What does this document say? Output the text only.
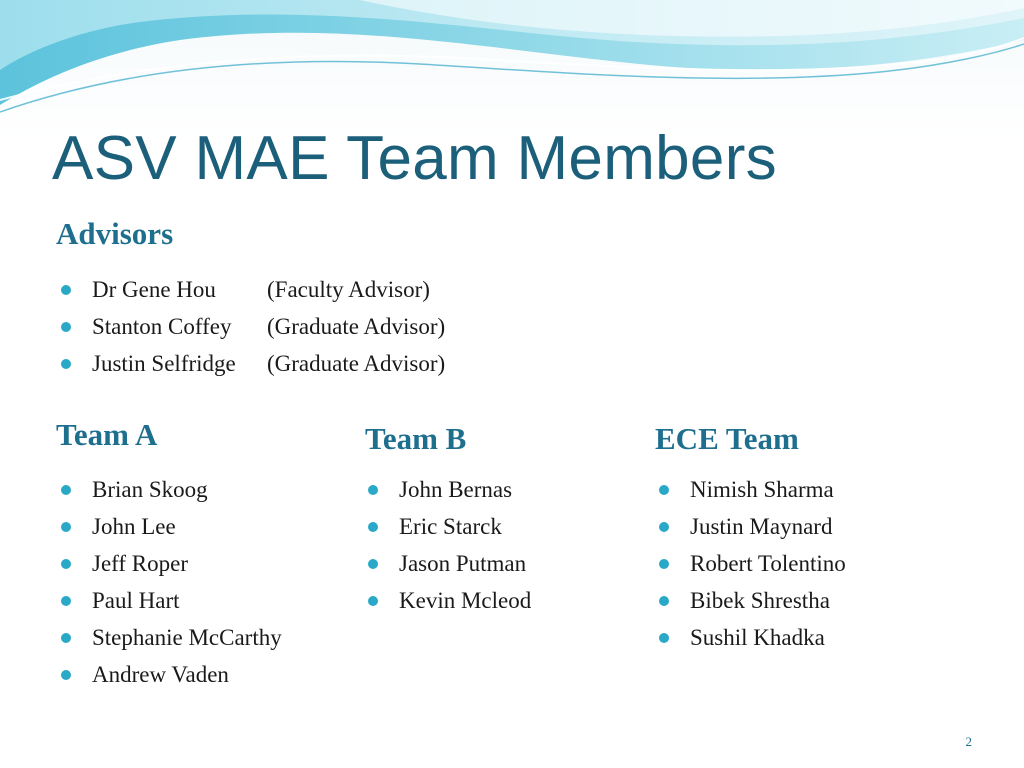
ASV MAE Team Members
Advisors
Dr Gene Hou (Faculty Advisor)
Stanton Coffey (Graduate Advisor)
Justin Selfridge (Graduate Advisor)
Team A
Brian Skoog
John Lee
Jeff Roper
Paul Hart
Stephanie McCarthy
Andrew Vaden
Team B
John Bernas
Eric Starck
Jason Putman
Kevin Mcleod
ECE Team
Nimish Sharma
Justin Maynard
Robert Tolentino
Bibek Shrestha
Sushil Khadka
2
